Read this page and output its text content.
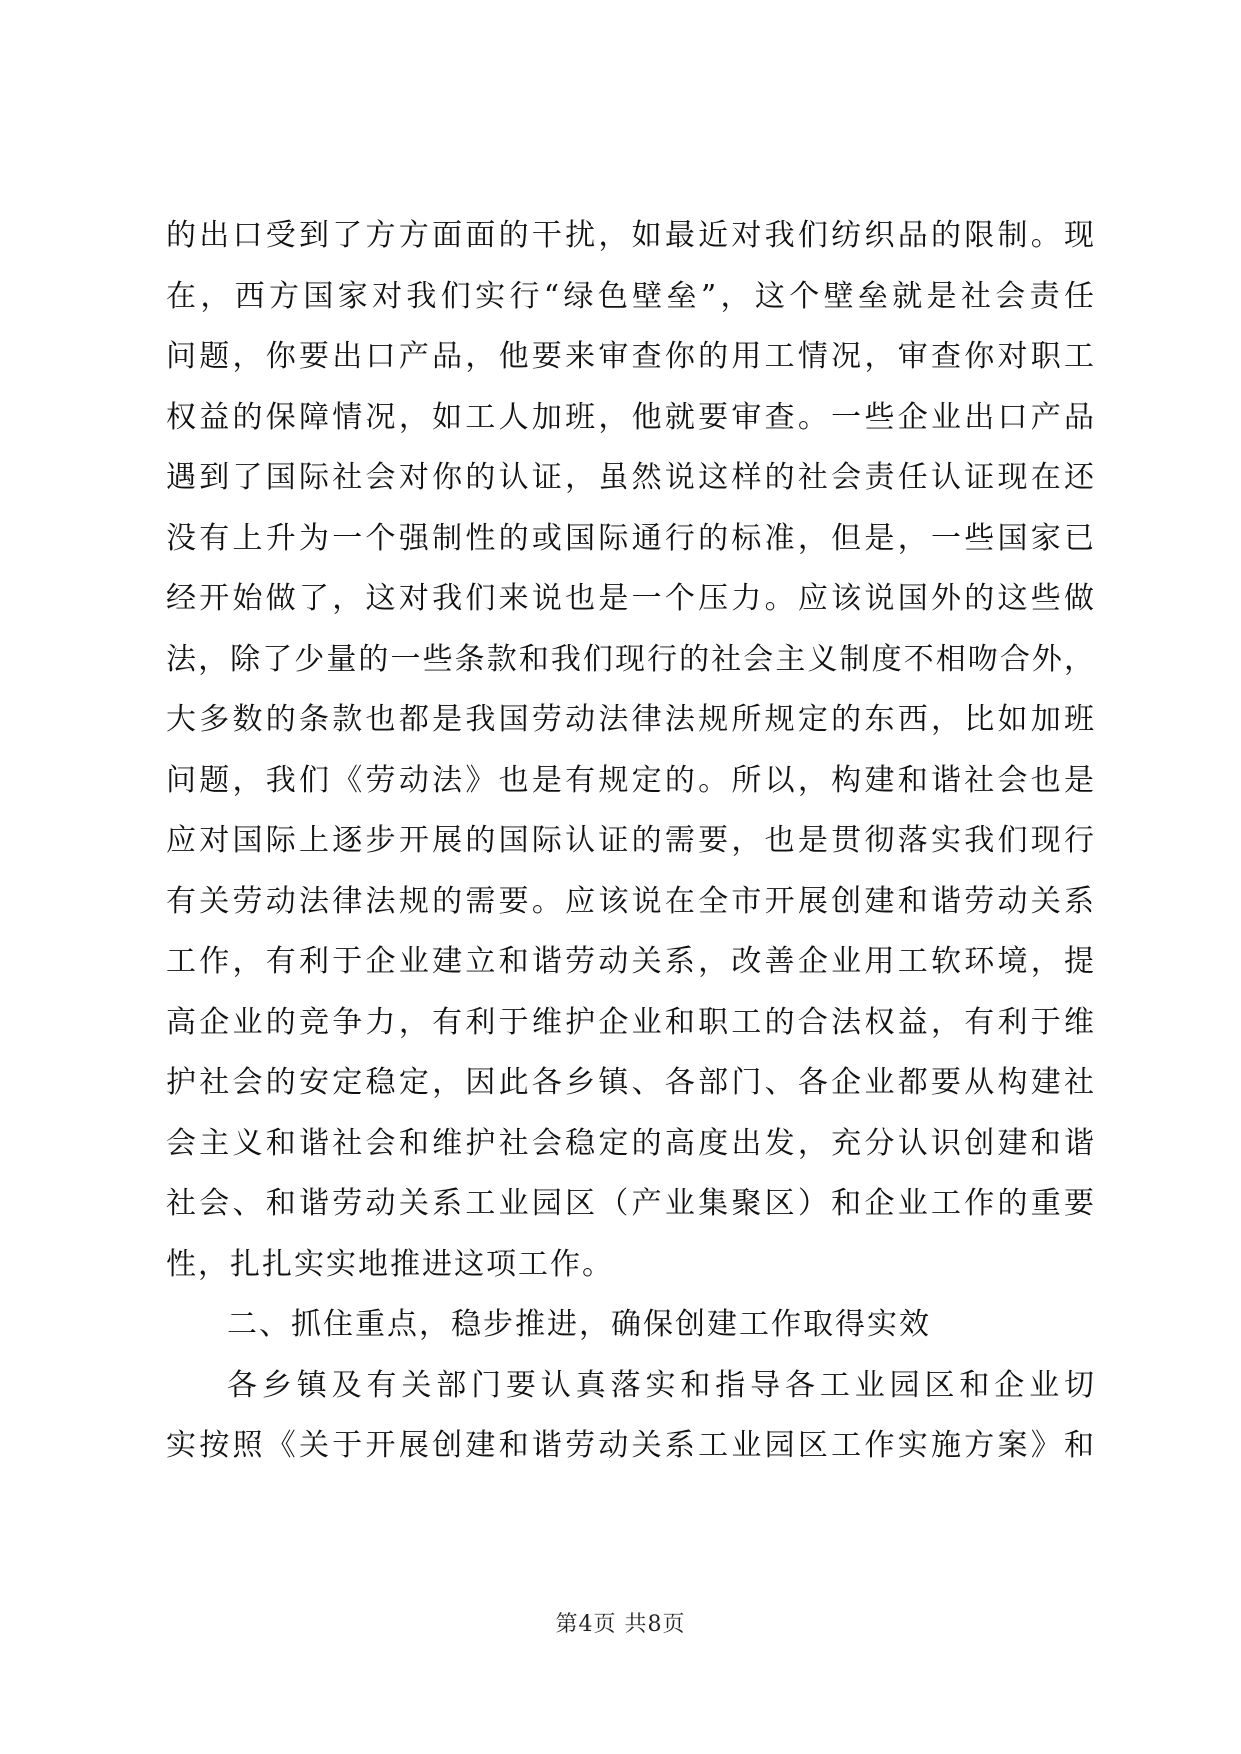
的出口受到了方方面面的干扰，如最近对我们纺织品的限制。现
在，西方国家对我们实行“绿色壁垒”，这个壁垒就是社会责任
问题，你要出口产品，他要来审查你的用工情况，审查你对职工
权益的保障情况，如工人加班，他就要审查。一些企业出口产品
遇到了国际社会对你的认证，虽然说这样的社会责任认证现在还
没有上升为一个强制性的或国际通行的标准，但是，一些国家已
经开始做了，这对我们来说也是一个压力。应该说国外的这些做
法，除了少量的一些条款和我们现行的社会主义制度不相吻合外，
大多数的条款也都是我国劳动法律法规所规定的东西，比如加班
问题，我们《劳动法》也是有规定的。所以，构建和谐社会也是
应对国际上逐步开展的国际认证的需要，也是贯彻落实我们现行
有关劳动法律法规的需要。应该说在全市开展创建和谐劳动关系
工作，有利于企业建立和谐劳动关系，改善企业用工软环境，提
高企业的竞争力，有利于维护企业和职工的合法权益，有利于维
护社会的安定稳定，因此各乡镇、各部门、各企业都要从构建社
会主义和谐社会和维护社会稳定的高度出发，充分认识创建和谐
社会、和谐劳动关系工业园区（产业集聚区）和企业工作的重要
性，扎扎实实地推进这项工作。
二、抓住重点，稳步推进，确保创建工作取得实效
各乡镇及有关部门要认真落实和指导各工业园区和企业切
实按照《关于开展创建和谐劳动关系工业园区工作实施方案》和
第4页 共8页
